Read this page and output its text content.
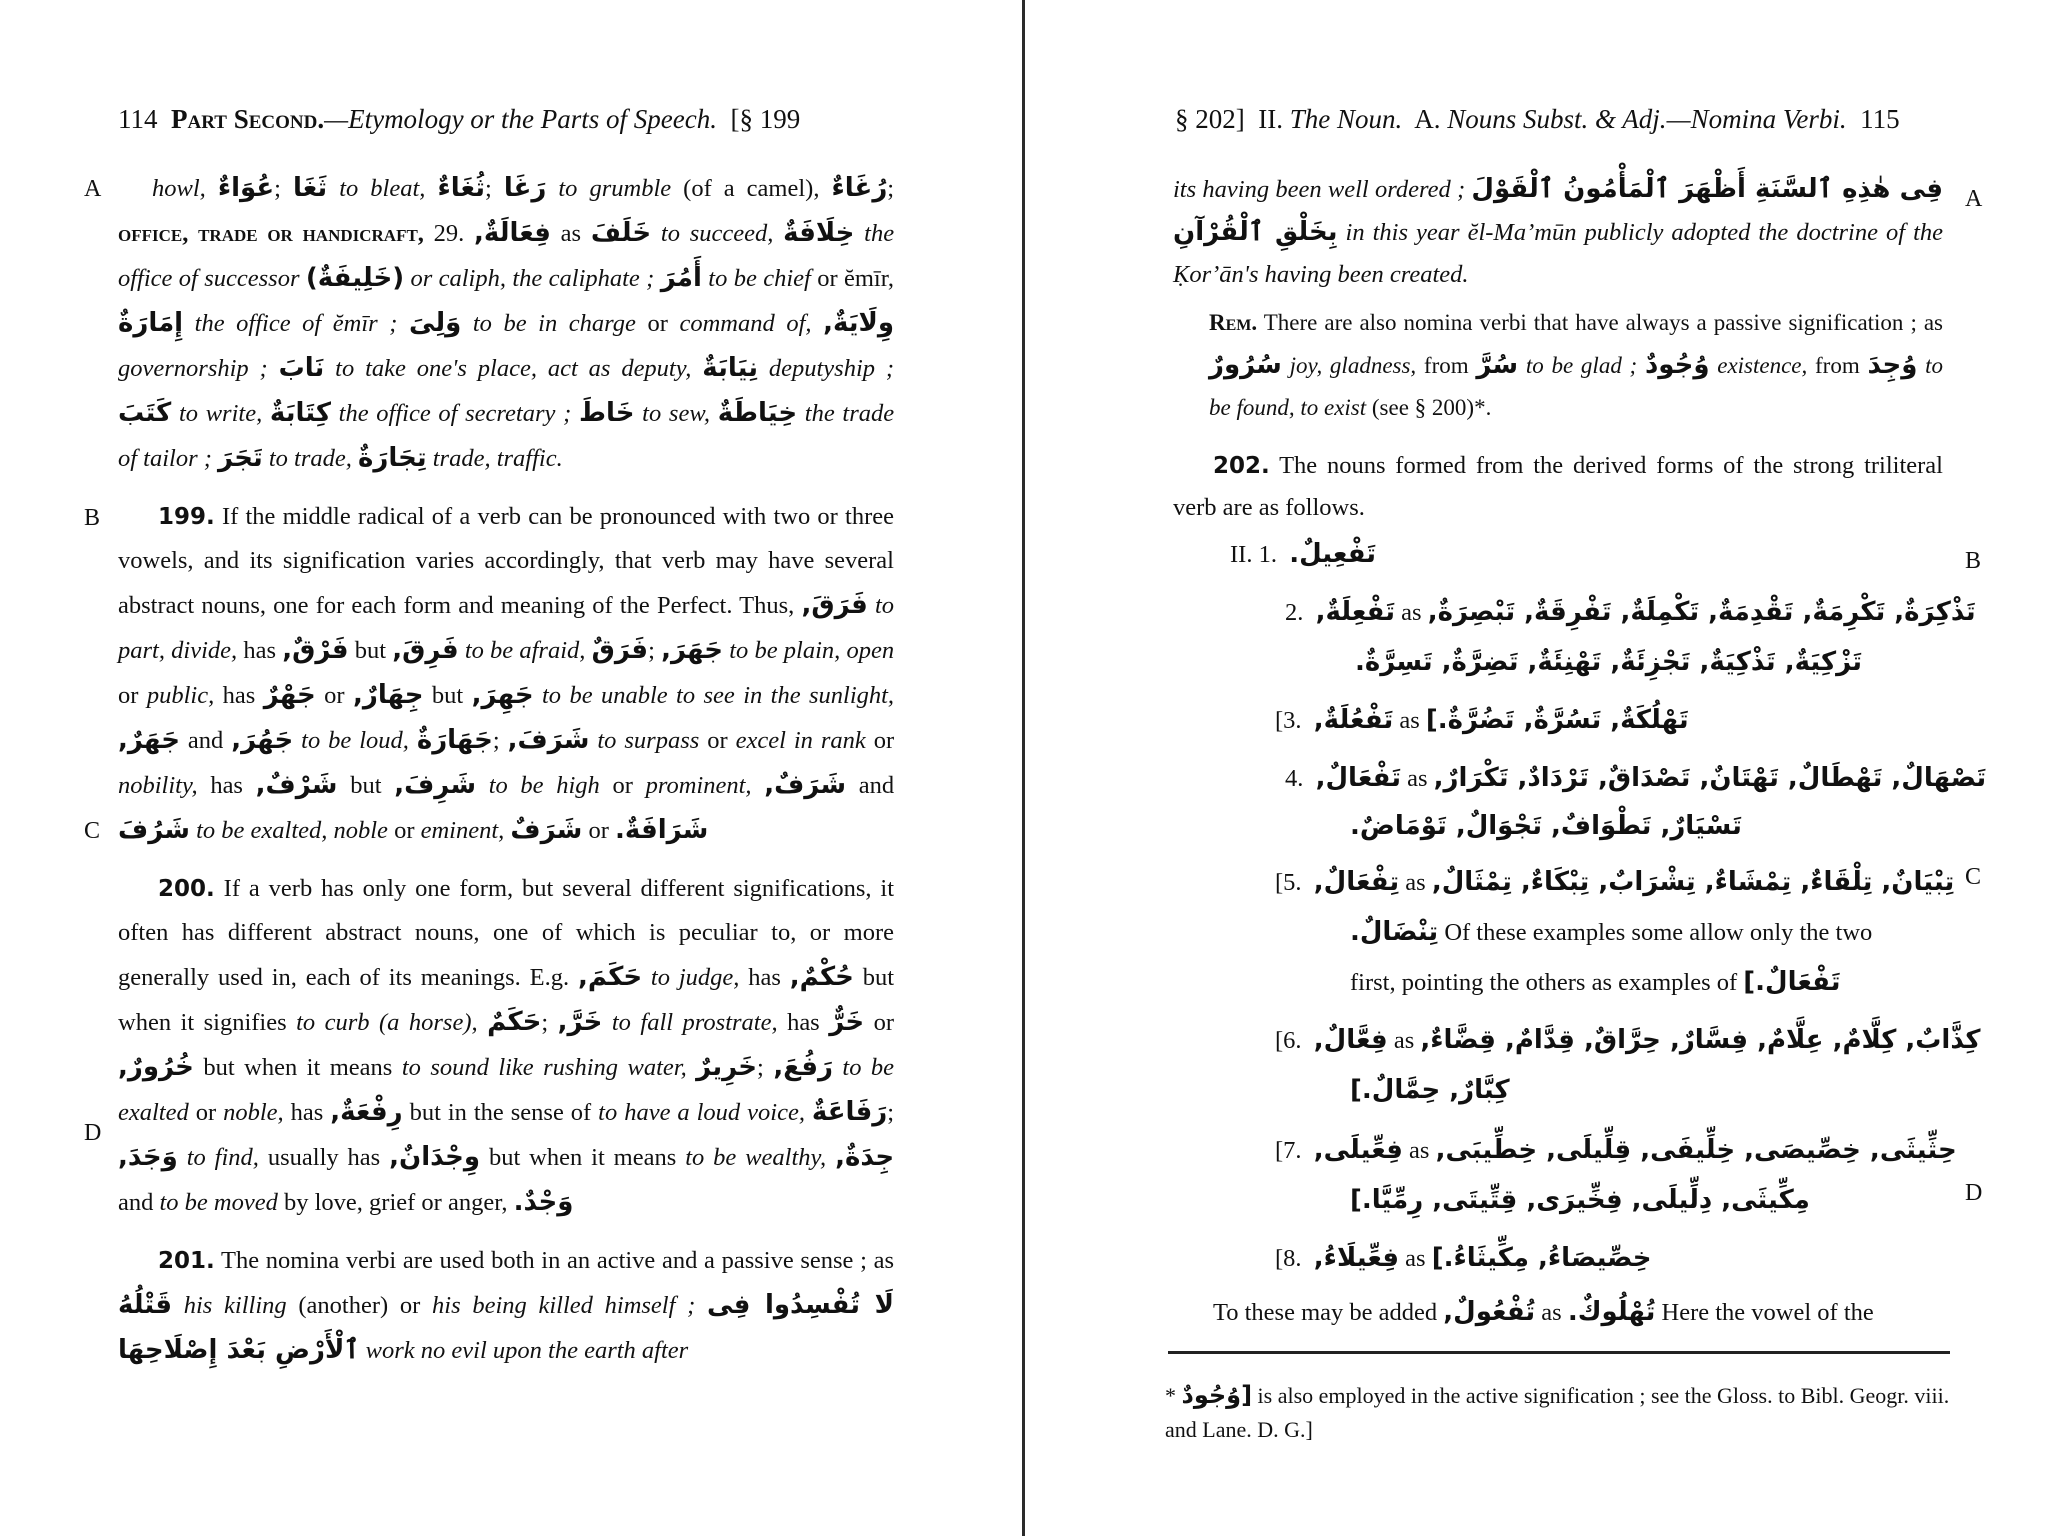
114 Part Second.—Etymology or the Parts of Speech. [§ 199
A
B
C
D

howl, عُوَاءٌ; ثَغَا to bleat, ثُغَاءٌ; رَغَا to grumble (of a camel), رُغَاءٌ; office, trade or handicraft, 29. فِعَالَةٌ, as خَلَفَ to succeed, خِلَافَةٌ the office of successor (خَلِيفَةٌ) or caliph, the caliphate ; أَمُرَ to be chief or ĕmīr, إِمَارَةٌ the office of ĕmīr ; وَلِىَ to be in charge or command of, وِلَايَةٌ, governorship ; نَابَ to take one's place, act as deputy, نِيَابَةٌ deputyship ; كَتَبَ to write, كِتَابَةٌ the office of secretary ; خَاطَ to sew, خِيَاطَةٌ the trade of tailor ; تَجَرَ to trade, تِجَارَةٌ trade, traffic.

199. If the middle radical of a verb can be pronounced with two or three vowels, and its signification varies accordingly, that verb may have several abstract nouns, one for each form and meaning of the Perfect. Thus, فَرَقَ, to part, divide, has فَرْقٌ, but فَرِقَ, to be afraid, فَرَقٌ; جَهَرَ, to be plain, open or public, has جَهْرٌ or جِهَارٌ, but جَهِرَ, to be unable to see in the sunlight, جَهَرٌ, and جَهُرَ, to be loud, جَهَارَةٌ; شَرَفَ, to surpass or excel in rank or nobility, has شَرْفٌ, but شَرِفَ, to be high or prominent, شَرَفٌ, and شَرُفَ to be exalted, noble or eminent, شَرَفٌ or شَرَافَةٌ.

200. If a verb has only one form, but several different significations, it often has different abstract nouns, one of which is peculiar to, or more generally used in, each of its meanings. E.g. حَكَمَ, to judge, has حُكْمٌ, but when it signifies to curb (a horse), حَكَمٌ; خَرَّ, to fall prostrate, has خَرٌّ or خُرُورٌ, but when it means to sound like rushing water, خَرِيرٌ; رَفُعَ, to be exalted or noble, has رِفْعَةٌ, but in the sense of to have a loud voice, رَفَاعَةٌ; وَجَدَ, to find, usually has وِجْدَانٌ, but when it means to be wealthy, جِدَةٌ, and to be moved by love, grief or anger, وَجْدٌ.

201. The nomina verbi are used both in an active and a passive sense ; as قَتْلُهُ his killing (another) or his being killed himself ; لَا تُفْسِدُوا فِى ٱلْأَرْضِ بَعْدَ إِصْلَاحِهَا work no evil upon the earth after

§ 202] II. The Noun. A. Nouns Subst. & Adj.—Nomina Verbi. 115
A
B
C
D

its having been well ordered ; فِى هٰذِهِ ٱلسَّنَةِ أَظْهَرَ ٱلْمَأْمُونُ ٱلْقَوْلَ بِخَلْقِ ٱلْقُرْآنِ in this year ĕl-Maʼmūn publicly adopted the doctrine of the Ḳorʼān's having been created.

Rem. There are also nomina verbi that have always a passive signification ; as سُرُورٌ joy, gladness, from سُرَّ to be glad ; وُجُودٌ existence, from وُجِدَ to be found, to exist (see § 200)*.

202. The nouns formed from the derived forms of the strong triliteral verb are as follows.

II. 1. تَفْعِيلٌ.
2. تَفْعِلَةٌ, as تَذْكِرَةٌ, تَكْرِمَةٌ, تَقْدِمَةٌ, تَكْمِلَةٌ, تَفْرِقَةٌ, تَبْصِرَةٌ,
تَزْكِيَةٌ, تَذْكِيَةٌ, تَجْزِئَةٌ, تَهْنِئَةٌ, تَضِرَّةٌ, تَسِرَّةٌ.
[3. تَفْعُلَةٌ, as تَهْلُكَةٌ, تَسُرَّةٌ, تَضُرَّةٌ.]
4. تَفْعَالٌ, as تَصْهَالٌ, تَهْطَالٌ, تَهْتَانٌ, تَصْدَاقٌ, تَرْدَادٌ, تَكْرَارٌ,
تَسْيَارٌ, تَطْوَافٌ, تَجْوَالٌ, تَوْمَاضٌ.
[5. تِفْعَالٌ, as تِبْيَانٌ, تِلْقَاءٌ, تِمْشَاءٌ, تِشْرَابٌ, تِبْكَاءٌ, تِمْثَالٌ,
تِنْضَالٌ. Of these examples some allow only the two
first, pointing the others as examples of تَفْعَالٌ.]
[6. فِعَّالٌ, as كِذَّابٌ, كِلَّامٌ, عِلَّامٌ, فِسَّارٌ, حِرَّاقٌ, قِدَّامٌ, قِضَّاءٌ,
كِبَّارٌ, حِمَّالٌ.]
[7. فِعِّيلَى, as حِثِّيثَى, خِصِّيصَى, خِلِّيفَى, قِلِّيلَى, خِطِّيبَى,
مِكِّيثَى, دِلِّيلَى, فِخِّيرَى, قِتِّيتَى, رِمِّيَّا.]
[8. فِعِّيلَاءُ, as خِصِّيصَاءُ, مِكِّيثَاءُ.]
To these may be added تُفْعُولٌ, as تُهْلُوكٌ. Here the vowel of the
* [وُجُودٌ is also employed in the active signification ; see the Gloss. to Bibl. Geogr. viii. and Lane. D. G.]
